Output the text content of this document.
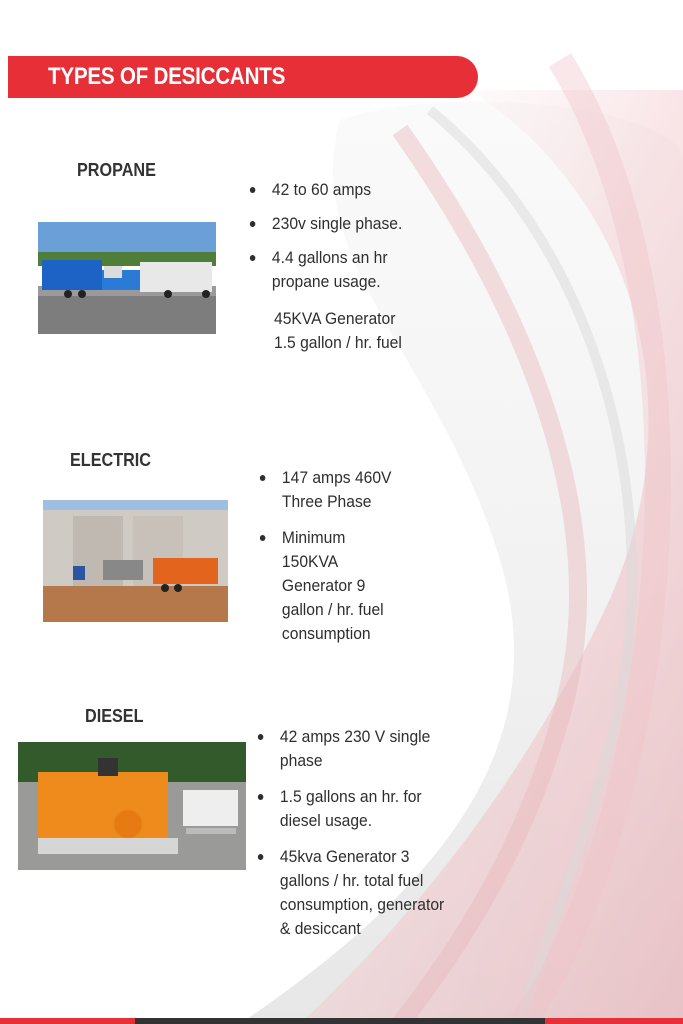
TYPES OF DESICCANTS
PROPANE
42 to 60 amps
230v single phase.
4.4 gallons an hr propane usage.
45KVA Generator
1.5 gallon / hr. fuel
ELECTRIC
147 amps 460V Three Phase
Minimum 150KVA Generator 9 gallon / hr. fuel consumption
DIESEL
42 amps 230 V single phase
1.5 gallons an hr. for diesel usage.
45kva Generator 3 gallons / hr. total fuel consumption, generator & desiccant
